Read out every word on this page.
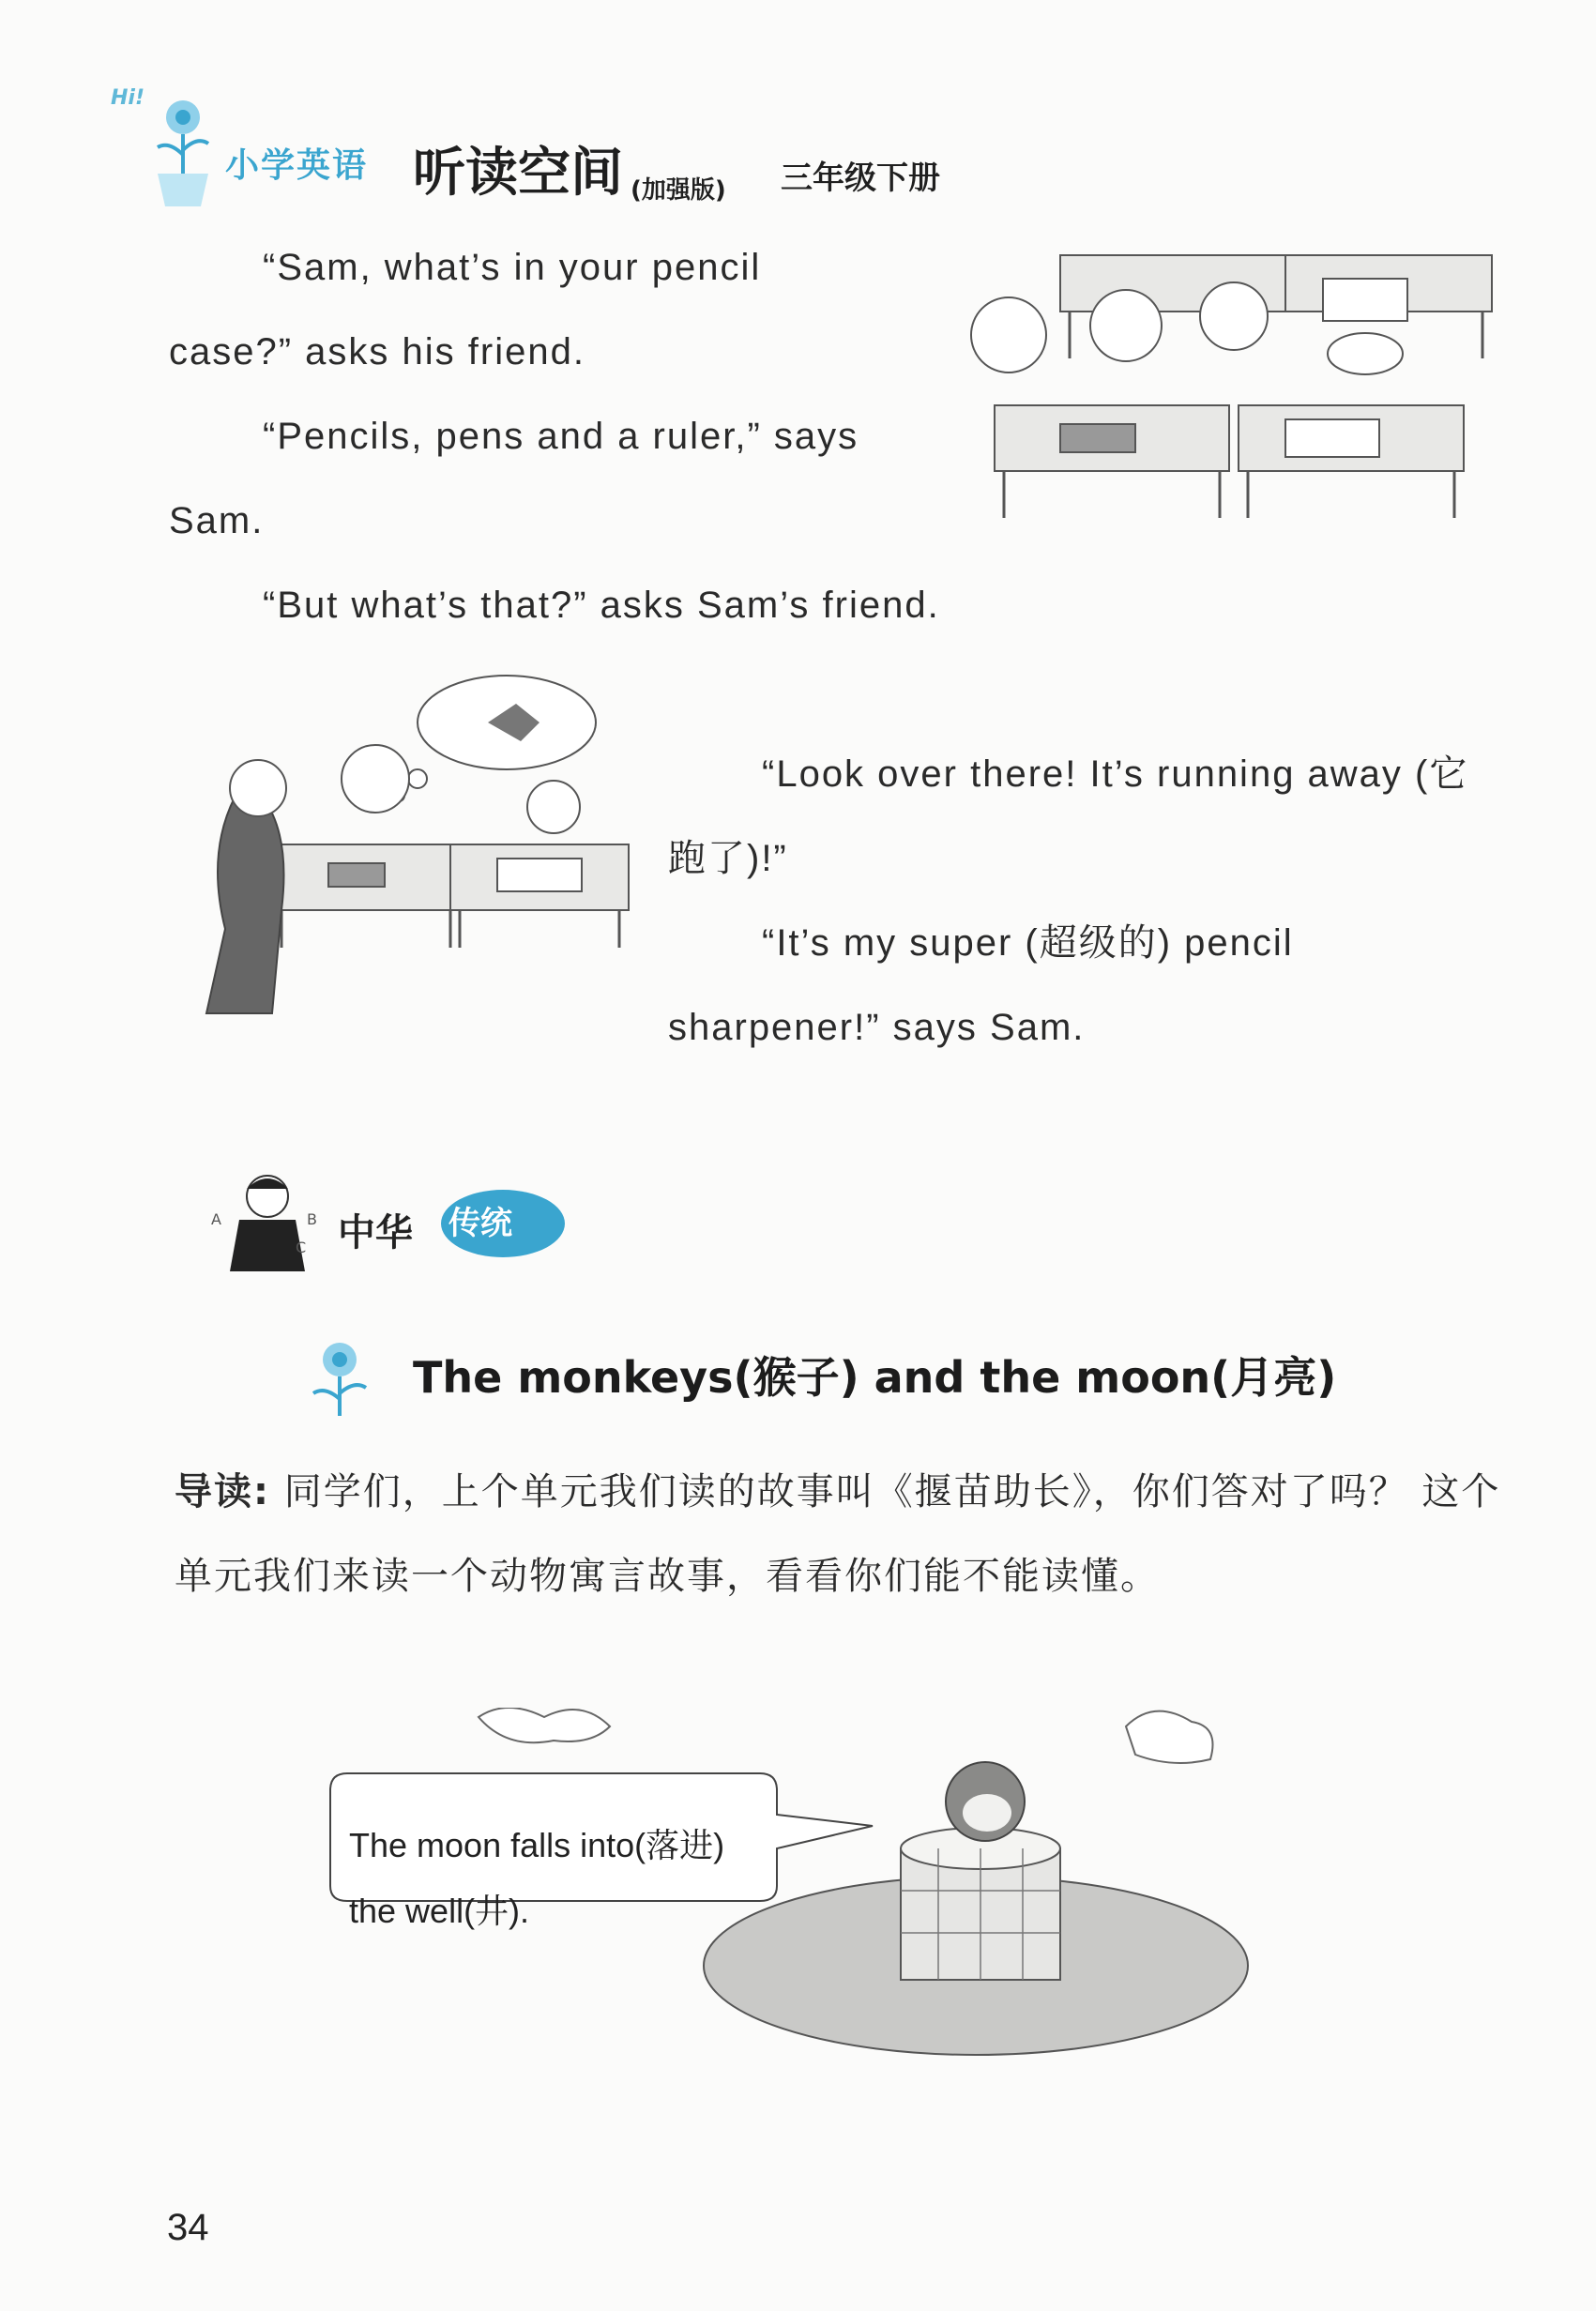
Hi!
小学英语 听读空间 (加强版) 三年级下册
“Sam, what’s in your pencil case?” asks his friend.
“Pencils, pens and a ruler,” says Sam.
“But what’s that?” asks Sam’s friend.
“Look over there! It’s running away (它跑了)!”
“It’s my super (超级的) pencil sharpener!” says Sam.
A	B
C 中华 传统
The monkeys(猴子) and the moon(月亮)
导读: 同学们，上个单元我们读的故事叫《揠苗助长》，你们答对了吗？ 这个单元我们来读一个动物寓言故事，看看你们能不能读懂。
The moon falls into(落进)
the well(井).
34
